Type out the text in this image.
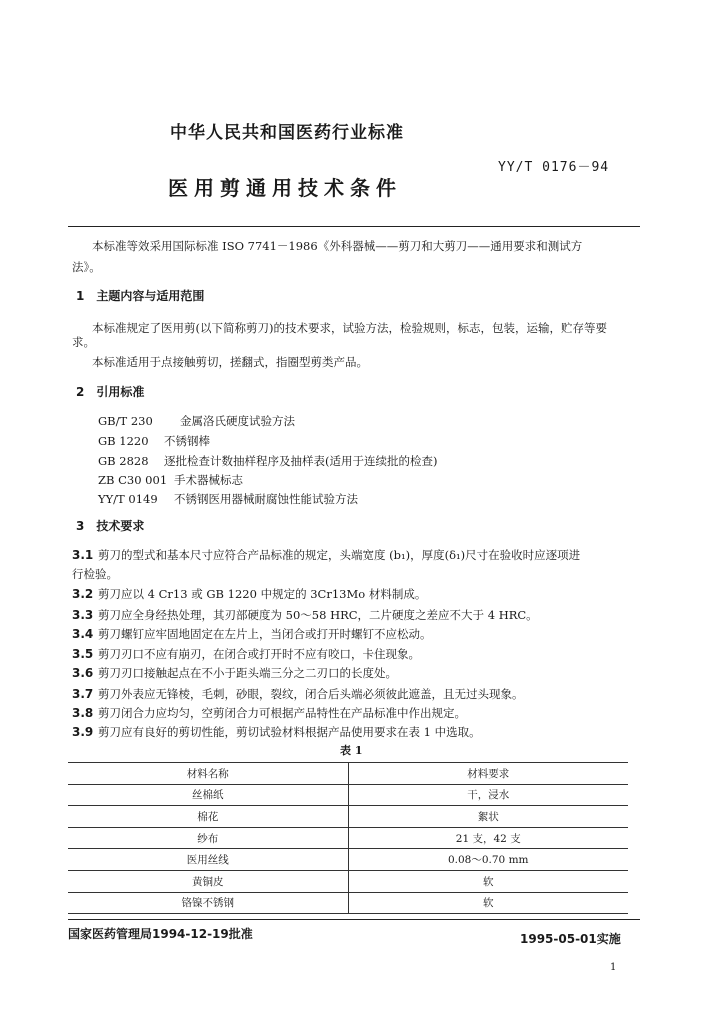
中华人民共和国医药行业标准
YY/T 0176－94
医用剪通用技术条件
本标准等效采用国际标准 ISO 7741－1986《外科器械——剪刀和大剪刀——通用要求和测试方
法》。
1　主题内容与适用范围
本标准规定了医用剪(以下简称剪刀)的技术要求，试验方法，检验规则，标志，包装，运输，贮存等要
求。
本标准适用于点接触剪切，搓翻式，指圈型剪类产品。
2　引用标准
GB/T 230 金属洛氏硬度试验方法
GB 1220 不锈钢棒
GB 2828 逐批检查计数抽样程序及抽样表(适用于连续批的检查)
ZB C30 001 手术器械标志
YY/T 0149 不锈钢医用器械耐腐蚀性能试验方法
3　技术要求
3.1 剪刀的型式和基本尺寸应符合产品标准的规定，头端宽度 (b₁)，厚度(δ₁)尺寸在验收时应逐项进
行检验。
3.2 剪刀应以 4 Cr13 或 GB 1220 中规定的 3Cr13Mo 材料制成。
3.3 剪刀应全身经热处理，其刃部硬度为 50～58 HRC，二片硬度之差应不大于 4 HRC。
3.4 剪刀螺钉应牢固地固定在左片上，当闭合或打开时螺钉不应松动。
3.5 剪刀刃口不应有崩刃，在闭合或打开时不应有咬口，卡住现象。
3.6 剪刀刃口接触起点在不小于距头端三分之二刃口的长度处。
3.7 剪刀外表应无锋棱，毛刺，砂眼，裂纹，闭合后头端必须彼此遮盖，且无过头现象。
3.8 剪刀闭合力应均匀，空剪闭合力可根据产品特性在产品标准中作出规定。
3.9 剪刀应有良好的剪切性能，剪切试验材料根据产品使用要求在表 1 中选取。
表 1
材料名称	材料要求
丝棉纸	干，浸水
棉花	絮状
纱布	21 支，42 支
医用丝线	0.08～0.70 mm
黄铜皮	软
铬镍不锈钢	软
国家医药管理局1994-12-19批准	1995-05-01实施
1
